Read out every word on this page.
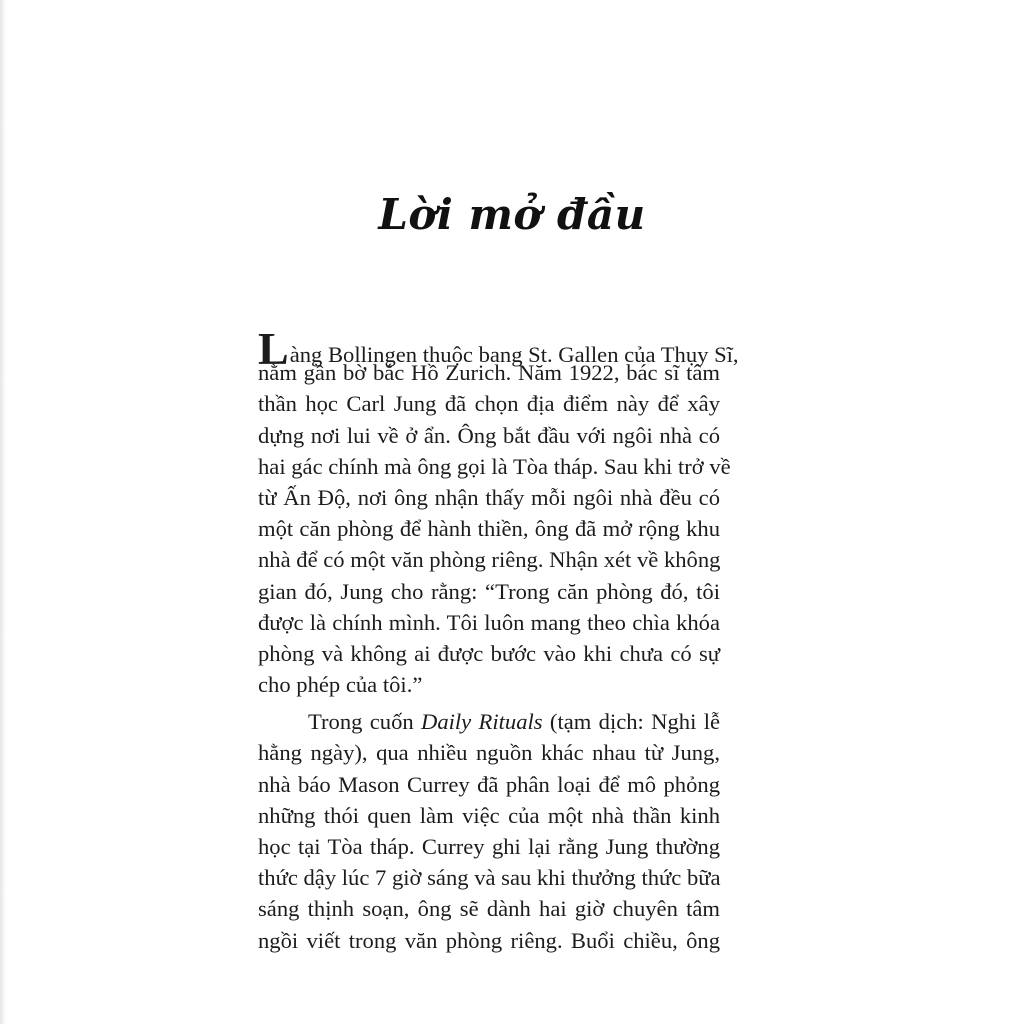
Lời mở đầu
Làng Bollingen thuộc bang St. Gallen của Thụy Sĩ,
nằm gần bờ bắc Hồ Zurich. Năm 1922, bác sĩ tâm
thần học Carl Jung đã chọn địa điểm này để xây
dựng nơi lui về ở ẩn. Ông bắt đầu với ngôi nhà có
hai gác chính mà ông gọi là Tòa tháp. Sau khi trở về
từ Ấn Độ, nơi ông nhận thấy mỗi ngôi nhà đều có
một căn phòng để hành thiền, ông đã mở rộng khu
nhà để có một văn phòng riêng. Nhận xét về không
gian đó, Jung cho rằng: “Trong căn phòng đó, tôi
được là chính mình. Tôi luôn mang theo chìa khóa
phòng và không ai được bước vào khi chưa có sự
cho phép của tôi.”
Trong cuốn Daily Rituals (tạm dịch: Nghi lễ
hằng ngày), qua nhiều nguồn khác nhau từ Jung,
nhà báo Mason Currey đã phân loại để mô phỏng
những thói quen làm việc của một nhà thần kinh
học tại Tòa tháp. Currey ghi lại rằng Jung thường
thức dậy lúc 7 giờ sáng và sau khi thưởng thức bữa
sáng thịnh soạn, ông sẽ dành hai giờ chuyên tâm
ngồi viết trong văn phòng riêng. Buổi chiều, ông
